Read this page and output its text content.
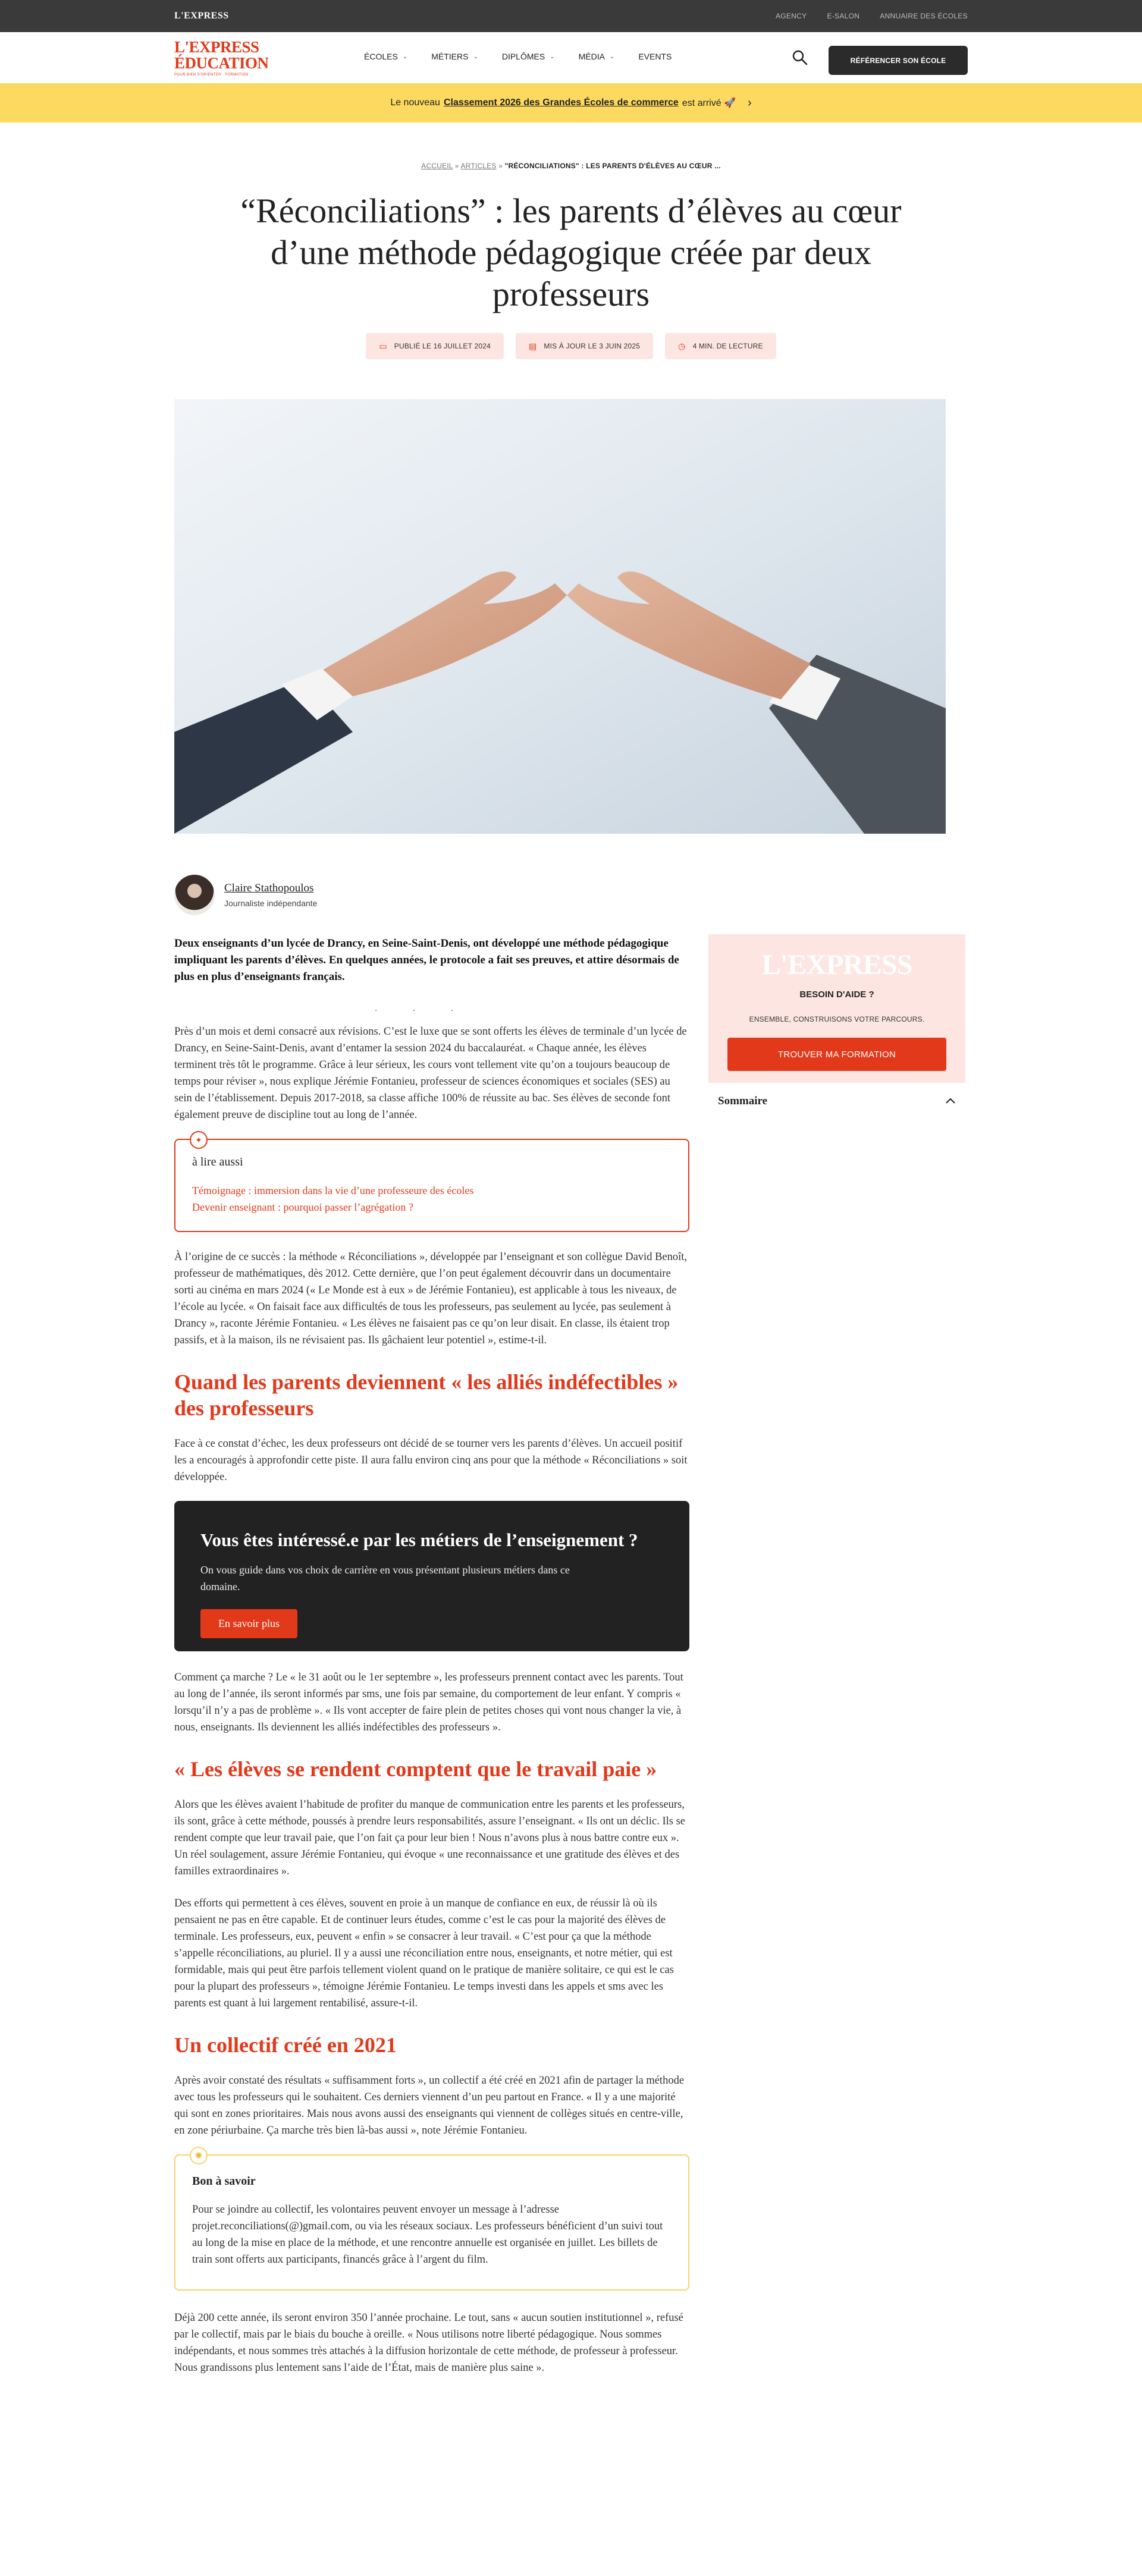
L'EXPRESS	AGENCY	E-SALON	ANNUAIRE DES ÉCOLES
L'EXPRESS
ÉDUCATION
POUR BIEN S'ORIENTER · FORMATION
ÉCOLES ⌄	MÉTIERS ⌄	DIPLÔMES ⌄	MÉDIA ⌄	EVENTS	RÉFÉRENCER SON ÉCOLE
Le nouveau Classement 2026 des Grandes Écoles de commerce est arrivé 🚀 ›
ACCUEIL » ARTICLES » "RÉCONCILIATIONS" : LES PARENTS D'ÉLÈVES AU CŒUR ...
“Réconciliations” : les parents d’élèves au cœur d’une méthode pédagogique créée par deux professeurs
▭ PUBLIÉ LE 16 JUILLET 2024	▤ MIS À JOUR LE 3 JUIN 2025	◷ 4 MIN. DE LECTURE
Claire Stathopoulos
Journaliste indépendante

Deux enseignants d’un lycée de Drancy, en Seine-Saint-Denis, ont développé une méthode pédagogique impliquant les parents d’élèves. En quelques années, le protocole a fait ses preuves, et attire désormais de plus en plus d’enseignants français.

...

Près d’un mois et demi consacré aux révisions. C’est le luxe que se sont offerts les élèves de terminale d’un lycée de Drancy, en Seine-Saint-Denis, avant d’entamer la session 2024 du baccalauréat. « Chaque année, les élèves terminent très tôt le programme. Grâce à leur sérieux, les cours vont tellement vite qu’on a toujours beaucoup de temps pour réviser », nous explique Jérémie Fontanieu, professeur de sciences économiques et sociales (SES) au sein de l’établissement. Depuis 2017-2018, sa classe affiche 100% de réussite au bac. Ses élèves de seconde font également preuve de discipline tout au long de l’année.

✦
à lire aussi
Témoignage : immersion dans la vie d’une professeure des écoles
Devenir enseignant : pourquoi passer l’agrégation ?

À l’origine de ce succès : la méthode « Réconciliations », développée par l’enseignant et son collègue David Benoît, professeur de mathématiques, dès 2012. Cette dernière, que l’on peut également découvrir dans un documentaire sorti au cinéma en mars 2024 (« Le Monde est à eux » de Jérémie Fontanieu), est applicable à tous les niveaux, de l’école au lycée. « On faisait face aux difficultés de tous les professeurs, pas seulement au lycée, pas seulement à Drancy », raconte Jérémie Fontanieu. « Les élèves ne faisaient pas ce qu’on leur disait. En classe, ils étaient trop passifs, et à la maison, ils ne révisaient pas. Ils gâchaient leur potentiel », estime-t-il.

Quand les parents deviennent « les alliés indéfectibles » des professeurs

Face à ce constat d’échec, les deux professeurs ont décidé de se tourner vers les parents d’élèves. Un accueil positif les a encouragés à approfondir cette piste. Il aura fallu environ cinq ans pour que la méthode « Réconciliations » soit développée.

Vous êtes intéressé.e par les métiers de l’enseignement ?

On vous guide dans vos choix de carrière en vous présentant plusieurs métiers dans ce domaine.

En savoir plus

Comment ça marche ? Le « le 31 août ou le 1er septembre », les professeurs prennent contact avec les parents. Tout au long de l’année, ils seront informés par sms, une fois par semaine, du comportement de leur enfant. Y compris « lorsqu’il n’y a pas de problème ». « Ils vont accepter de faire plein de petites choses qui vont nous changer la vie, à nous, enseignants. Ils deviennent les alliés indéfectibles des professeurs ».

« Les élèves se rendent comptent que le travail paie »

Alors que les élèves avaient l’habitude de profiter du manque de communication entre les parents et les professeurs, ils sont, grâce à cette méthode, poussés à prendre leurs responsabilités, assure l’enseignant. « Ils ont un déclic. Ils se rendent compte que leur travail paie, que l’on fait ça pour leur bien ! Nous n’avons plus à nous battre contre eux ». Un réel soulagement, assure Jérémie Fontanieu, qui évoque « une reconnaissance et une gratitude des élèves et des familles extraordinaires ».

Des efforts qui permettent à ces élèves, souvent en proie à un manque de confiance en eux, de réussir là où ils pensaient ne pas en être capable. Et de continuer leurs études, comme c’est le cas pour la majorité des élèves de terminale. Les professeurs, eux, peuvent « enfin » se consacrer à leur travail. « C’est pour ça que la méthode s’appelle réconciliations, au pluriel. Il y a aussi une réconciliation entre nous, enseignants, et notre métier, qui est formidable, mais qui peut être parfois tellement violent quand on le pratique de manière solitaire, ce qui est le cas pour la plupart des professeurs », témoigne Jérémie Fontanieu. Le temps investi dans les appels et sms avec les parents est quant à lui largement rentabilisé, assure-t-il.

Un collectif créé en 2021

Après avoir constaté des résultats « suffisamment forts », un collectif a été créé en 2021 afin de partager la méthode avec tous les professeurs qui le souhaitent. Ces derniers viennent d’un peu partout en France. « Il y a une majorité qui sont en zones prioritaires. Mais nous avons aussi des enseignants qui viennent de collèges situés en centre-ville, en zone périurbaine. Ça marche très bien là-bas aussi », note Jérémie Fontanieu.

✺
Bon à savoir

Pour se joindre au collectif, les volontaires peuvent envoyer un message à l’adresse projet.reconciliations(@)gmail.com, ou via les réseaux sociaux. Les professeurs bénéficient d’un suivi tout au long de la mise en place de la méthode, et une rencontre annuelle est organisée en juillet. Les billets de train sont offerts aux participants, financés grâce à l’argent du film.

Déjà 200 cette année, ils seront environ 350 l’année prochaine. Le tout, sans « aucun soutien institutionnel », refusé par le collectif, mais par le biais du bouche à oreille. « Nous utilisons notre liberté pédagogique. Nous sommes indépendants, et nous sommes très attachés à la diffusion horizontale de cette méthode, de professeur à professeur. Nous grandissons plus lentement sans l’aide de l’État, mais de manière plus saine ».

L'EXPRESS
BESOIN D'AIDE ?
ENSEMBLE, CONSTRUISONS VOTRE PARCOURS.
TROUVER MA FORMATION
Sommaire
